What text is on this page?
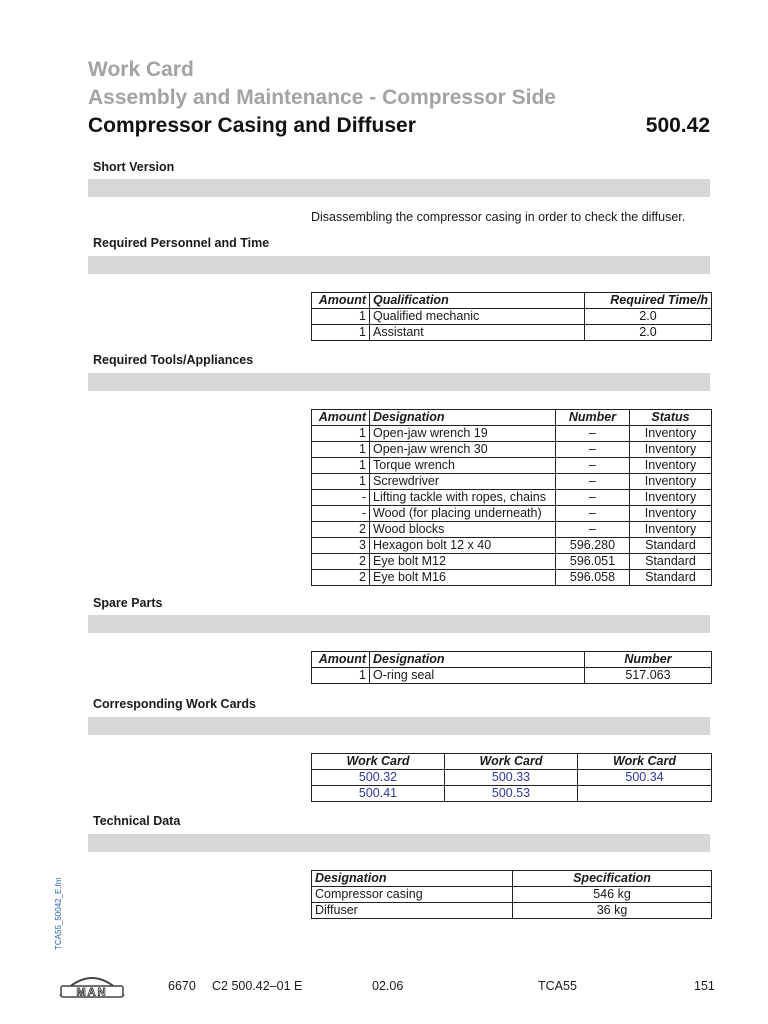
Work Card
Assembly and Maintenance - Compressor Side
Compressor Casing and Diffuser	500.42
Short Version
Disassembling the compressor casing in order to check the diffuser.
Required Personnel and Time
Amount	Qualification	Required Time/h
1	Qualified mechanic	2.0
1	Assistant	2.0
Required Tools/Appliances
Amount	Designation	Number	Status
1	Open-jaw wrench 19	–	Inventory
1	Open-jaw wrench 30	–	Inventory
1	Torque wrench	–	Inventory
1	Screwdriver	–	Inventory
-	Lifting tackle with ropes, chains	–	Inventory
-	Wood (for placing underneath)	–	Inventory
2	Wood blocks	–	Inventory
3	Hexagon bolt 12 x 40	596.280	Standard
2	Eye bolt M12	596.051	Standard
2	Eye bolt M16	596.058	Standard
Spare Parts
Amount	Designation	Number
1	O-ring seal	517.063
Corresponding Work Cards
Work Card	Work Card	Work Card
500.32	500.33	500.34
500.41	500.53	
Technical Data
Designation	Specification
Compressor casing	546 kg
Diffuser	36 kg
TCA55_50042_E.fm
MAN	6670 C2 500.42–01 E	02.06	TCA55	151
